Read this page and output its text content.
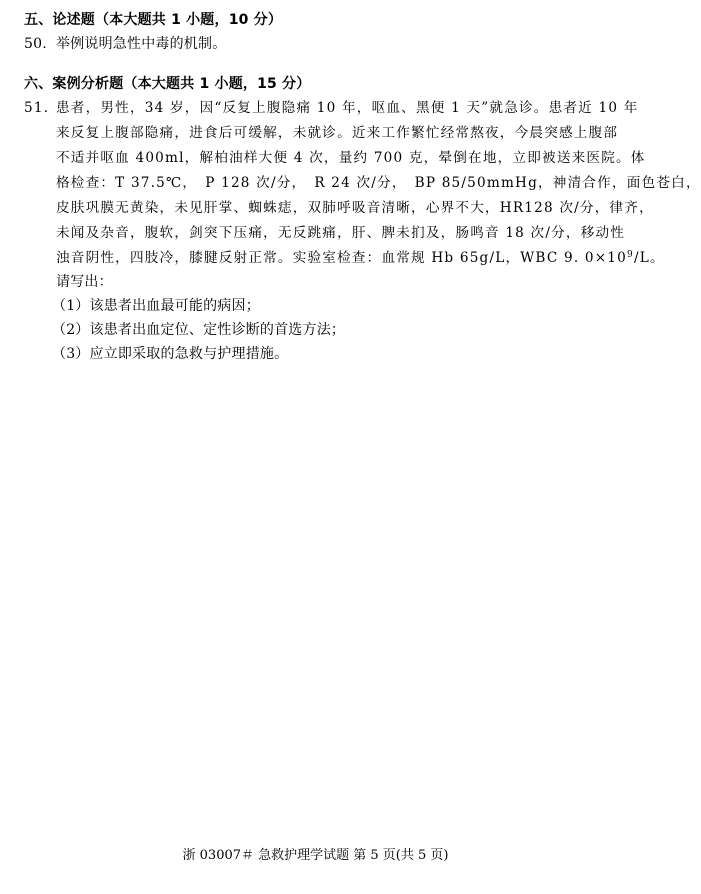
五、论述题（本大题共 1 小题，10 分）
50. 举例说明急性中毒的机制。
六、案例分析题（本大题共 1 小题，15 分）
51. 患者，男性，34 岁，因“反复上腹隐痛 10 年，呕血、黑便 1 天”就急诊。患者近 10 年
来反复上腹部隐痛，进食后可缓解，未就诊。近来工作繁忙经常熬夜，今晨突感上腹部
不适并呕血 400ml，解柏油样大便 4 次，量约 700 克，晕倒在地，立即被送来医院。体
格检查：T 37.5℃，　P 128 次/分，　R 24 次/分，　BP 85/50mmHg，神清合作，面色苍白，
皮肤巩膜无黄染，未见肝掌、蜘蛛痣，双肺呼吸音清晰，心界不大，HR128 次/分，律齐，
未闻及杂音，腹软，剑突下压痛，无反跳痛，肝、脾未扪及，肠鸣音 18 次/分，移动性
浊音阴性，四肢冷，膝腱反射正常。实验室检查：血常规 Hb 65g/L，WBC 9. $0\times 10^9/L$。
请写出：
（1）该患者出血最可能的病因；
（2）该患者出血定位、定性诊断的首选方法；
（3）应立即采取的急救与护理措施。
浙 03007＃ 急救护理学试题 第 5 页(共 5 页)
